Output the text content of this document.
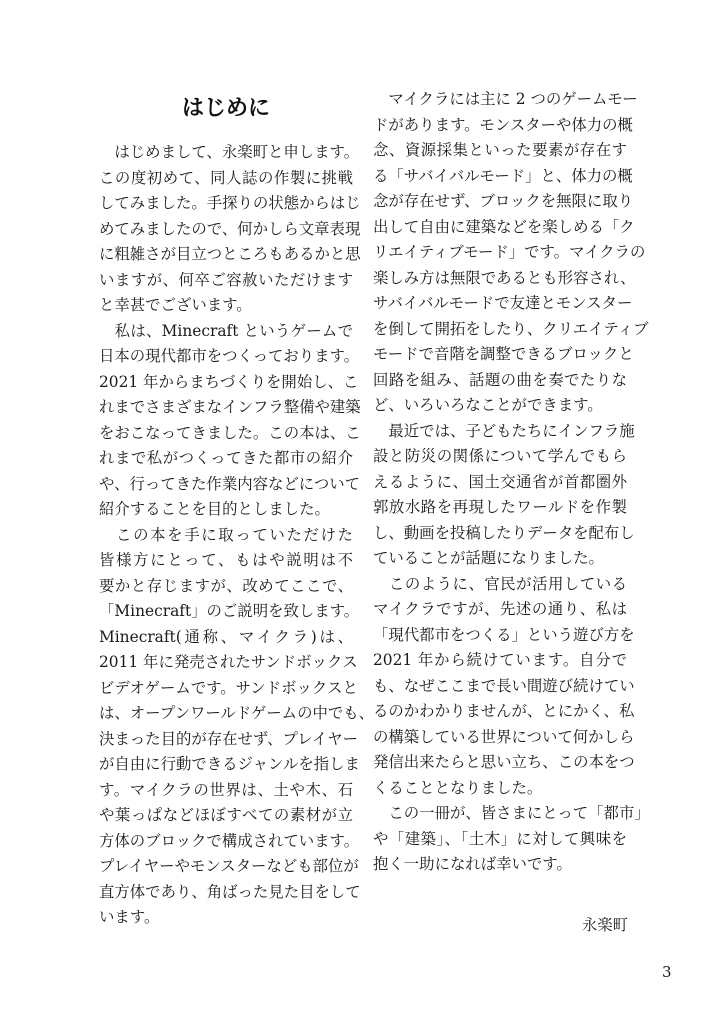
はじめに
　はじめまして、永楽町と申します。
この度初めて、同人誌の作製に挑戦
してみました。手探りの状態からはじ
めてみましたので、何かしら文章表現
に粗雑さが目立つところもあるかと思
いますが、何卒ご容赦いただけます
と幸甚でございます。
　私は、Minecraft というゲームで
日本の現代都市をつくっております。
2021 年からまちづくりを開始し、こ
れまでさまざまなインフラ整備や建築
をおこなってきました。この本は、こ
れまで私がつくってきた都市の紹介
や、行ってきた作業内容などについて
紹介することを目的としました。
　この本を手に取っていただけた
皆様方にとって、もはや説明は不
要かと存じますが、改めてここで、
「Minecraft」のご説明を致します。
Minecraft(通称、マイクラ)は、
2011 年に発売されたサンドボックス
ビデオゲームです。サンドボックスと
は、オープンワールドゲームの中でも、
決まった目的が存在せず、プレイヤー
が自由に行動できるジャンルを指しま
す。マイクラの世界は、土や木、石
や葉っぱなどほぼすべての素材が立
方体のブロックで構成されています。
プレイヤーやモンスターなども部位が
直方体であり、角ばった見た目をして
います。
　マイクラには主に 2 つのゲームモー
ドがあります。モンスターや体力の概
念、資源採集といった要素が存在す
る「サバイバルモード」と、体力の概
念が存在せず、ブロックを無限に取り
出して自由に建築などを楽しめる「ク
リエイティブモード」です。マイクラの
楽しみ方は無限であるとも形容され、
サバイバルモードで友達とモンスター
を倒して開拓をしたり、クリエイティブ
モードで音階を調整できるブロックと
回路を組み、話題の曲を奏でたりな
ど、いろいろなことができます。
　最近では、子どもたちにインフラ施
設と防災の関係について学んでもら
えるように、国土交通省が首都圏外
郭放水路を再現したワールドを作製
し、動画を投稿したりデータを配布し
ていることが話題になりました。
　このように、官民が活用している
マイクラですが、先述の通り、私は
「現代都市をつくる」という遊び方を
2021 年から続けています。自分で
も、なぜここまで長い間遊び続けてい
るのかわかりませんが、とにかく、私
の構築している世界について何かしら
発信出来たらと思い立ち、この本をつ
くることとなりました。
　この一冊が、皆さまにとって「都市」
や「建築」、「土木」に対して興味を
抱く一助になれば幸いです。
永楽町
3
